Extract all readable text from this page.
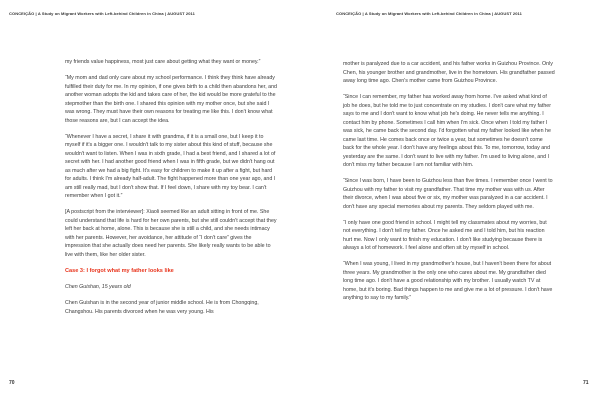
CONCEIÇÃO | A Study on Migrant Workers with Left-behind Children in China | AUGUST 2011	CONCEIÇÃO | A Study on Migrant Workers with Left-behind Children in China | AUGUST 2011

my friends value happiness, most just care about getting what they want or money.”

“My mom and dad only care about my school performance. I think they think have already fulfilled their duty for me. In my opinion, if one gives birth to a child then abandons her, and another woman adopts the kid and takes care of her, the kid would be more grateful to the stepmother than the birth one. I shared this opinion with my mother once, but she said I was wrong. They must have their own reasons for treating me like this. I don't know what those reasons are, but I can accept the idea.

“Whenever I have a secret, I share it with grandma, if it is a small one, but I keep it to myself if it's a bigger one. I wouldn't talk to my sister about this kind of stuff, because she wouldn't want to listen. When I was in sixth grade, I had a best friend, and I shared a lot of secret with her. I had another good friend when I was in fifth grade, but we didn't hang out as much after we had a big fight. It's easy for children to make it up after a fight, but hard for adults. I think I'm already half-adult. The fight happened more than one year ago, and I am still really mad, but I don't show that. If I feel down, I share with my toy bear. I can't remember when I got it.”

[A postscript from the interviewer]: Xiaoli seemed like an adult sitting in front of me. She could understand that life is hard for her own parents, but she still couldn't accept that they left her back at home, alone. This is because she is still a child, and she needs intimacy with her parents. However, her avoidance, her attitude of “I don't care” gives the impression that she actually does need her parents. She likely really wants to be able to live with them, like her older sister.

Case 3: I forgot what my father looks like

Chen Guishan, 15 years old

Chen Guishan is in the second year of junior middle school. He is from Chongqing, Changshou. His parents divorced when he was very young. His

mother is paralyzed due to a car accident, and his father works in Guizhou Province. Only Chen, his younger brother and grandmother, live in the hometown. His grandfather passed away long time ago. Chen's mother came from Guizhou Province.

“Since I can remember, my father has worked away from home. I've asked what kind of job he does, but he told me to just concentrate on my studies. I don't care what my father says to me and I don't want to know what job he's doing. He never tells me anything. I contact him by phone. Sometimes I call him when I'm sick. Once when I told my father I was sick, he came back the second day. I'd forgotten what my father looked like when he came last time. He comes back once or twice a year, but sometimes he doesn't come back for the whole year. I don't have any feelings about this. To me, tomorrow, today and yesterday are the same. I don't want to live with my father. I'm used to living alone, and I don't miss my father because I am not familiar with him.

“Since I was born, I have been to Guizhou less than five times. I remember once I went to Guizhou with my father to visit my grandfather. That time my mother was with us. After their divorce, when I was about five or six, my mother was paralyzed in a car accident. I don't have any special memories about my parents. They seldom played with me.

“I only have one good friend in school. I might tell my classmates about my worries, but not everything. I don't tell my father. Once he asked me and I told him, but his reaction hurt me. Now I only want to finish my education. I don't like studying because there is always a lot of homework. I feel alone and often sit by myself in school.

“When I was young, I lived in my grandmother's house, but I haven't been there for about three years. My grandmother is the only one who cares about me. My grandfather died long time ago. I don't have a good relationship with my brother. I usually watch TV at home, but it's boring. Bad things happen to me and give me a lot of pressure. I don't have anything to say to my family.”

70	71
